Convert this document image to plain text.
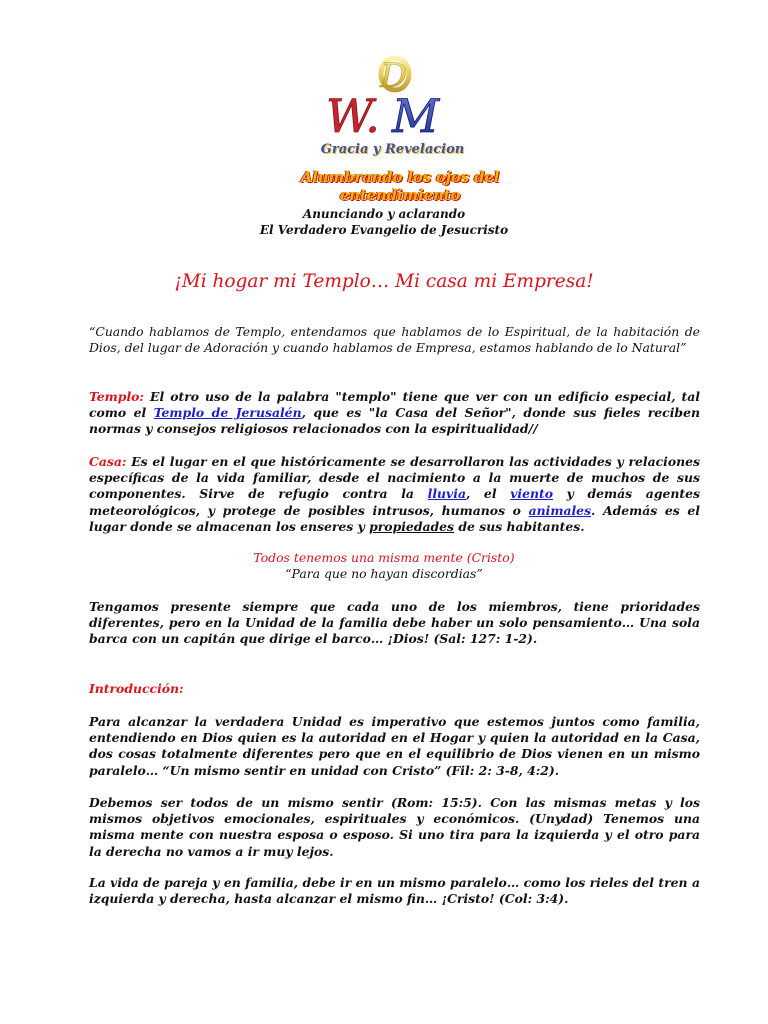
D
W. M
Gracia y Revelacion
Alumbrando los ojos del entendimiento
Anunciando y aclarando
El Verdadero Evangelio de Jesucristo
¡Mi hogar mi Templo… Mi casa mi Empresa!
“Cuando hablamos de Templo, entendamos que hablamos de lo Espiritual, de la habitación de Dios, del lugar de Adoración y cuando hablamos de Empresa, estamos hablando de lo Natural”
Templo: El otro uso de la palabra "templo" tiene que ver con un edificio especial, tal como el Templo de Jerusalén, que es "la Casa del Señor", donde sus fieles reciben normas y consejos religiosos relacionados con la espiritualidad//
Casa: Es el lugar en el que históricamente se desarrollaron las actividades y relaciones específicas de la vida familiar, desde el nacimiento a la muerte de muchos de sus componentes. Sirve de refugio contra la lluvia, el viento y demás agentes meteorológicos, y protege de posibles intrusos, humanos o animales. Además es el lugar donde se almacenan los enseres y propiedades de sus habitantes.
Todos tenemos una misma mente (Cristo)
“Para que no hayan discordias”
Tengamos presente siempre que cada uno de los miembros, tiene prioridades diferentes, pero en la Unidad de la familia debe haber un solo pensamiento… Una sola barca con un capitán que dirige el barco… ¡Dios! (Sal: 127: 1-2).
Introducción:
Para alcanzar la verdadera Unidad es imperativo que estemos juntos como familia, entendiendo en Dios quien es la autoridad en el Hogar y quien la autoridad en la Casa, dos cosas totalmente diferentes pero que en el equilibrio de Dios vienen en un mismo paralelo… “Un mismo sentir en unidad con Cristo” (Fil: 2: 3-8, 4:2).
Debemos ser todos de un mismo sentir (Rom: 15:5). Con las mismas metas y los mismos objetivos emocionales, espirituales y económicos. (Unydad) Tenemos una misma mente con nuestra esposa o esposo. Si uno tira para la izquierda y el otro para la derecha no vamos a ir muy lejos.
La vida de pareja y en familia, debe ir en un mismo paralelo… como los rieles del tren a izquierda y derecha, hasta alcanzar el mismo fin… ¡Cristo! (Col: 3:4).
